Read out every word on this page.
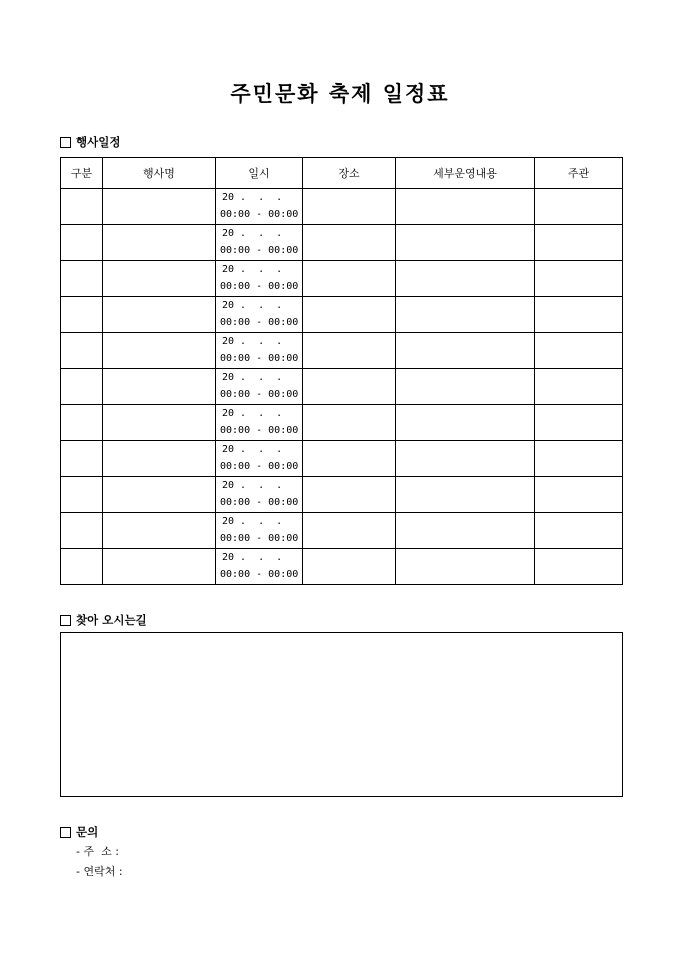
주민문화 축제 일정표
행사일정
구분	행사명	일시	장소	세부운영내용	주관

		20 .  .  .
00:00 - 00:00			

		20 .  .  .
00:00 - 00:00			

		20 .  .  .
00:00 - 00:00			

		20 .  .  .
00:00 - 00:00			

		20 .  .  .
00:00 - 00:00			

		20 .  .  .
00:00 - 00:00			

		20 .  .  .
00:00 - 00:00			

		20 .  .  .
00:00 - 00:00			

		20 .  .  .
00:00 - 00:00			

		20 .  .  .
00:00 - 00:00			

		20 .  .  .
00:00 - 00:00			

찾아 오시는길
문의
- 주  소 :
- 연락처 :
